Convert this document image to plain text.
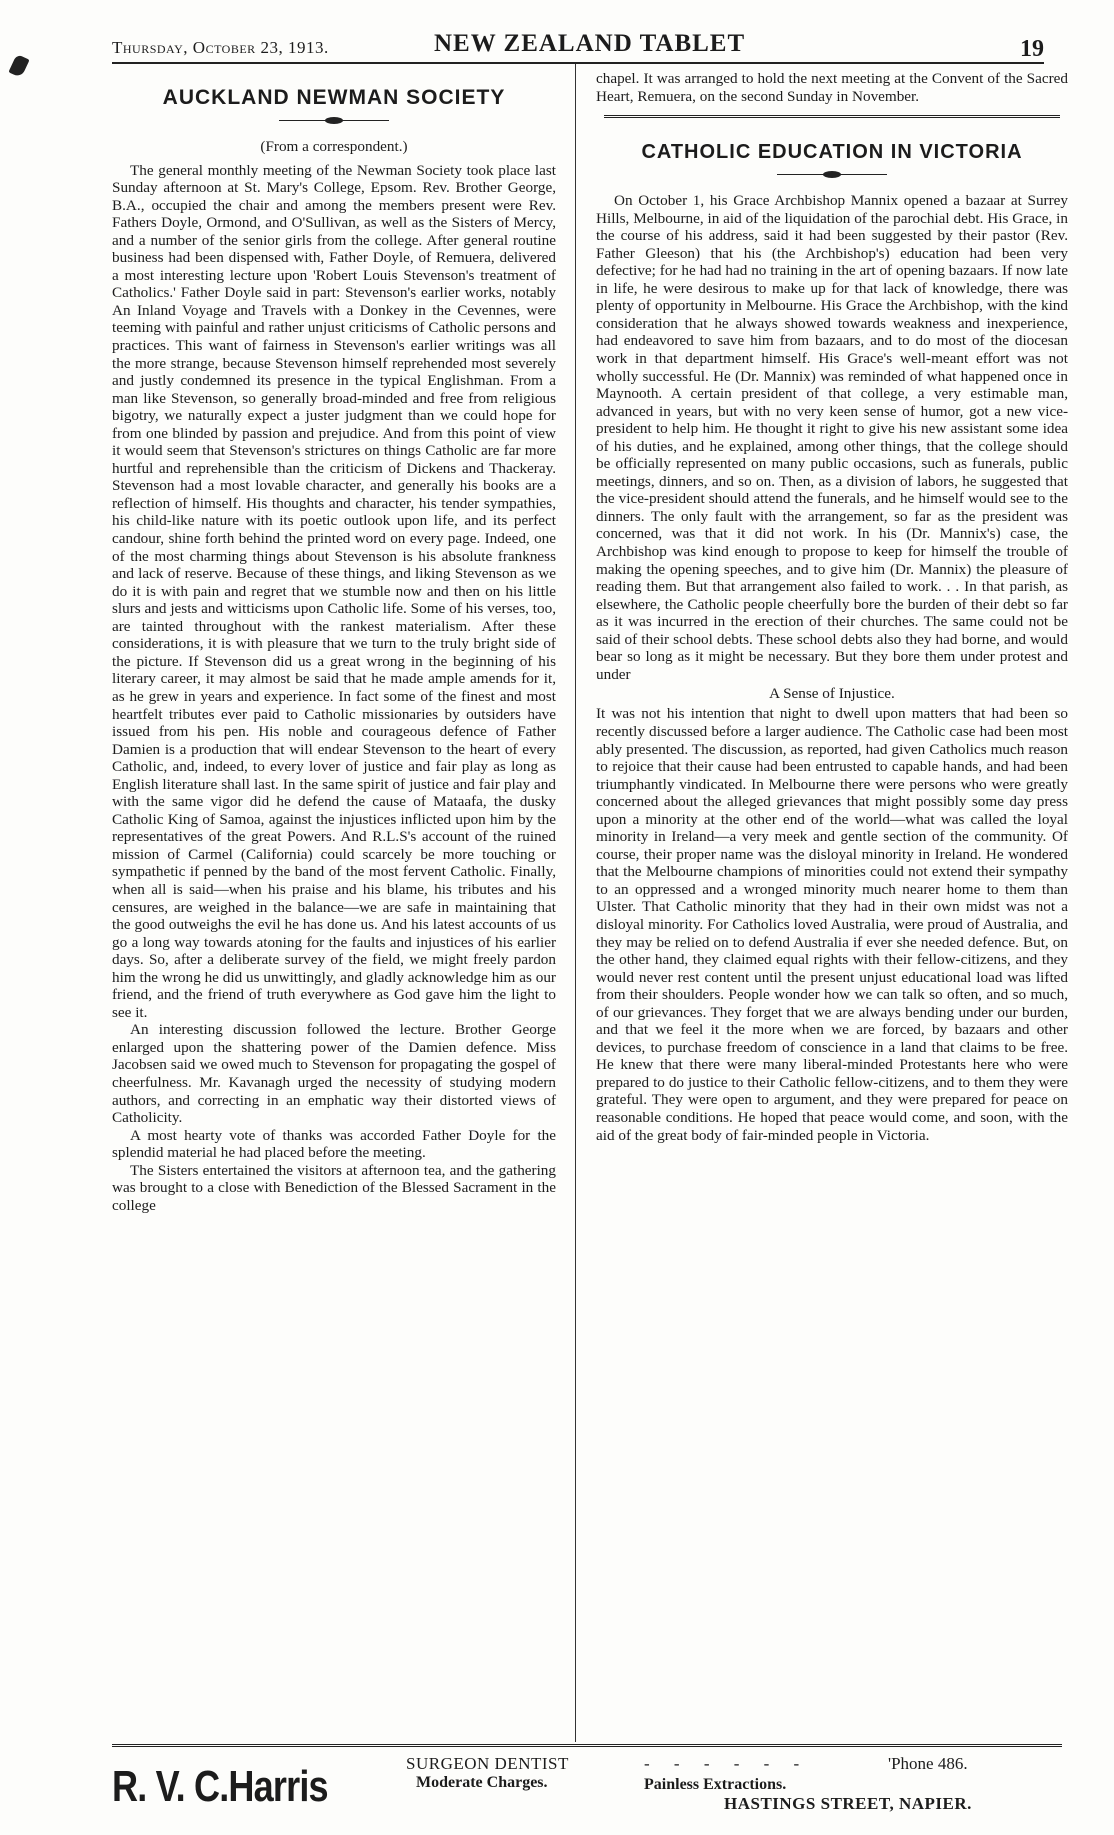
Thursday, October 23, 1913.	NEW ZEALAND TABLET	19
AUCKLAND NEWMAN SOCIETY

(From a correspondent.)

The general monthly meeting of the Newman Society took place last Sunday afternoon at St. Mary's College, Epsom. Rev. Brother George, B.A., occupied the chair and among the members present were Rev. Fathers Doyle, Ormond, and O'Sullivan, as well as the Sisters of Mercy, and a number of the senior girls from the college. After general routine business had been dispensed with, Father Doyle, of Remuera, delivered a most interesting lecture upon 'Robert Louis Stevenson's treatment of Catholics.' Father Doyle said in part: Stevenson's earlier works, notably An Inland Voyage and Travels with a Donkey in the Cevennes, were teeming with painful and rather unjust criticisms of Catholic persons and practices. This want of fairness in Stevenson's earlier writings was all the more strange, because Stevenson himself reprehended most severely and justly condemned its presence in the typical Englishman. From a man like Stevenson, so generally broad-minded and free from religious bigotry, we naturally expect a juster judgment than we could hope for from one blinded by passion and prejudice. And from this point of view it would seem that Stevenson's strictures on things Catholic are far more hurtful and reprehensible than the criticism of Dickens and Thackeray. Stevenson had a most lovable character, and generally his books are a reflection of himself. His thoughts and character, his tender sympathies, his child-like nature with its poetic outlook upon life, and its perfect candour, shine forth behind the printed word on every page. Indeed, one of the most charming things about Stevenson is his absolute frankness and lack of reserve. Because of these things, and liking Stevenson as we do it is with pain and regret that we stumble now and then on his little slurs and jests and witticisms upon Catholic life. Some of his verses, too, are tainted throughout with the rankest materialism. After these considerations, it is with pleasure that we turn to the truly bright side of the picture. If Stevenson did us a great wrong in the beginning of his literary career, it may almost be said that he made ample amends for it, as he grew in years and experience. In fact some of the finest and most heartfelt tributes ever paid to Catholic missionaries by outsiders have issued from his pen. His noble and courageous defence of Father Damien is a production that will endear Stevenson to the heart of every Catholic, and, indeed, to every lover of justice and fair play as long as English literature shall last. In the same spirit of justice and fair play and with the same vigor did he defend the cause of Mataafa, the dusky Catholic King of Samoa, against the injustices inflicted upon him by the representatives of the great Powers. And R.L.S's account of the ruined mission of Carmel (California) could scarcely be more touching or sympathetic if penned by the band of the most fervent Catholic. Finally, when all is said—when his praise and his blame, his tributes and his censures, are weighed in the balance—we are safe in maintaining that the good outweighs the evil he has done us. And his latest accounts of us go a long way towards atoning for the faults and injustices of his earlier days. So, after a deliberate survey of the field, we might freely pardon him the wrong he did us unwittingly, and gladly acknowledge him as our friend, and the friend of truth everywhere as God gave him the light to see it.

An interesting discussion followed the lecture. Brother George enlarged upon the shattering power of the Damien defence. Miss Jacobsen said we owed much to Stevenson for propagating the gospel of cheerfulness. Mr. Kavanagh urged the necessity of studying modern authors, and correcting in an emphatic way their distorted views of Catholicity.

A most hearty vote of thanks was accorded Father Doyle for the splendid material he had placed before the meeting.

The Sisters entertained the visitors at afternoon tea, and the gathering was brought to a close with Benediction of the Blessed Sacrament in the college

chapel. It was arranged to hold the next meeting at the Convent of the Sacred Heart, Remuera, on the second Sunday in November.

CATHOLIC EDUCATION IN VICTORIA

On October 1, his Grace Archbishop Mannix opened a bazaar at Surrey Hills, Melbourne, in aid of the liquidation of the parochial debt. His Grace, in the course of his address, said it had been suggested by their pastor (Rev. Father Gleeson) that his (the Archbishop's) education had been very defective; for he had had no training in the art of opening bazaars. If now late in life, he were desirous to make up for that lack of knowledge, there was plenty of opportunity in Melbourne. His Grace the Archbishop, with the kind consideration that he always showed towards weakness and inexperience, had endeavored to save him from bazaars, and to do most of the diocesan work in that department himself. His Grace's well-meant effort was not wholly successful. He (Dr. Mannix) was reminded of what happened once in Maynooth. A certain president of that college, a very estimable man, advanced in years, but with no very keen sense of humor, got a new vice-president to help him. He thought it right to give his new assistant some idea of his duties, and he explained, among other things, that the college should be officially represented on many public occasions, such as funerals, public meetings, dinners, and so on. Then, as a division of labors, he suggested that the vice-president should attend the funerals, and he himself would see to the dinners. The only fault with the arrangement, so far as the president was concerned, was that it did not work. In his (Dr. Mannix's) case, the Archbishop was kind enough to propose to keep for himself the trouble of making the opening speeches, and to give him (Dr. Mannix) the pleasure of reading them. But that arrangement also failed to work. . . In that parish, as elsewhere, the Catholic people cheerfully bore the burden of their debt so far as it was incurred in the erection of their churches. The same could not be said of their school debts. These school debts also they had borne, and would bear so long as it might be necessary. But they bore them under protest and under

A Sense of Injustice.

It was not his intention that night to dwell upon matters that had been so recently discussed before a larger audience. The Catholic case had been most ably presented. The discussion, as reported, had given Catholics much reason to rejoice that their cause had been entrusted to capable hands, and had been triumphantly vindicated. In Melbourne there were persons who were greatly concerned about the alleged grievances that might possibly some day press upon a minority at the other end of the world—what was called the loyal minority in Ireland—a very meek and gentle section of the community. Of course, their proper name was the disloyal minority in Ireland. He wondered that the Melbourne champions of minorities could not extend their sympathy to an oppressed and a wronged minority much nearer home to them than Ulster. That Catholic minority that they had in their own midst was not a disloyal minority. For Catholics loved Australia, were proud of Australia, and they may be relied on to defend Australia if ever she needed defence. But, on the other hand, they claimed equal rights with their fellow-citizens, and they would never rest content until the present unjust educational load was lifted from their shoulders. People wonder how we can talk so often, and so much, of our grievances. They forget that we are always bending under our burden, and that we feel it the more when we are forced, by bazaars and other devices, to purchase freedom of conscience in a land that claims to be free. He knew that there were many liberal-minded Protestants here who were prepared to do justice to their Catholic fellow-citizens, and to them they were grateful. They were open to argument, and they were prepared for peace on reasonable conditions. He hoped that peace would come, and soon, with the aid of the great body of fair-minded people in Victoria.

R. V. C.Harris	SURGEON DENTIST	- - - - - -	'Phone 486.
Moderate Charges.	Painless Extractions.
HASTINGS STREET, NAPIER.
